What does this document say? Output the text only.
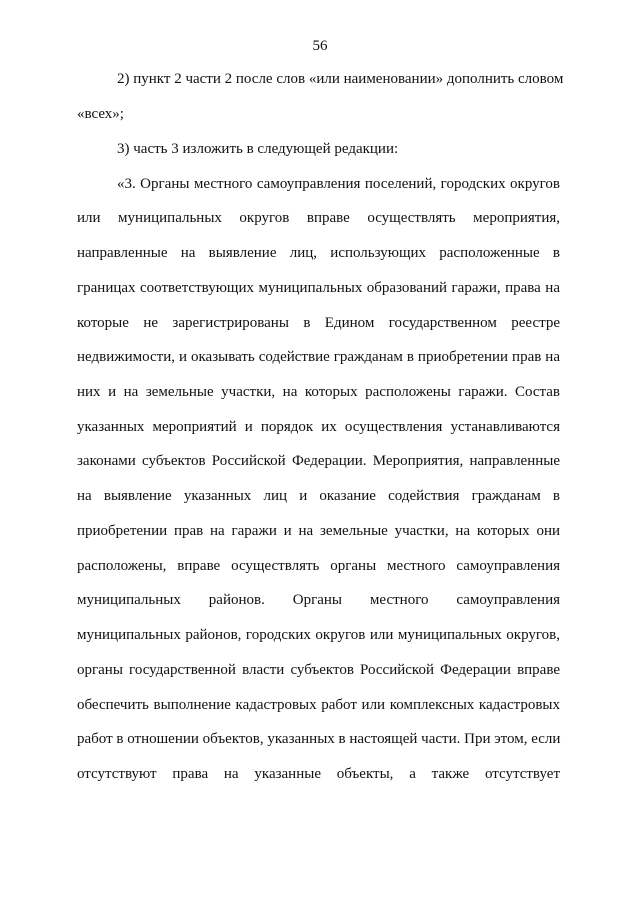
56
2) пункт 2 части 2 после слов «или наименовании» дополнить словом
«всех»;
3) часть 3 изложить в следующей редакции:
«3. Органы местного самоуправления поселений, городских округов
или муниципальных округов вправе осуществлять мероприятия,
направленные на выявление лиц, использующих расположенные в
границах соответствующих муниципальных образований гаражи, права на
которые не зарегистрированы в Едином государственном реестре
недвижимости, и оказывать содействие гражданам в приобретении прав на
них и на земельные участки, на которых расположены гаражи. Состав
указанных мероприятий и порядок их осуществления устанавливаются
законами субъектов Российской Федерации. Мероприятия, направленные
на выявление указанных лиц и оказание содействия гражданам в
приобретении прав на гаражи и на земельные участки, на которых они
расположены, вправе осуществлять органы местного самоуправления
муниципальных районов. Органы местного самоуправления
муниципальных районов, городских округов или муниципальных округов,
органы государственной власти субъектов Российской Федерации вправе
обеспечить выполнение кадастровых работ или комплексных кадастровых
работ в отношении объектов, указанных в настоящей части. При этом, если
отсутствуют права на указанные объекты, а также отсутствует
